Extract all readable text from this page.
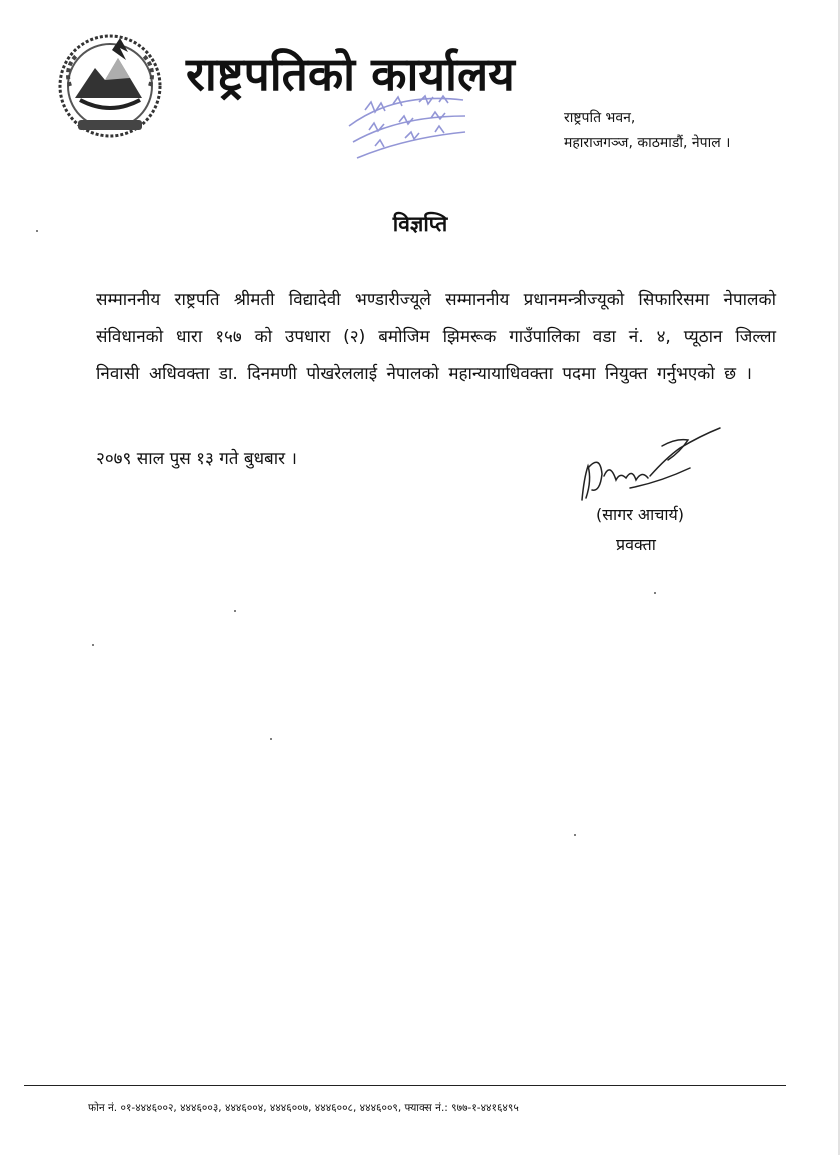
राष्ट्रपतिको कार्यालय
राष्ट्रपति भवन,
महाराजगञ्ज, काठमाडौं, नेपाल ।
विज्ञप्ति
सम्माननीय राष्ट्रपति श्रीमती विद्यादेवी भण्डारीज्यूले सम्माननीय प्रधानमन्त्रीज्यूको सिफारिसमा नेपालको संविधानको धारा १५७ को उपधारा (२) बमोजिम झिमरूक गाउँपालिका वडा नं. ४, प्यूठान जिल्ला निवासी अधिवक्ता डा. दिनमणी पोखरेललाई नेपालको महान्यायाधिवक्ता पदमा नियुक्त गर्नुभएको छ ।
२०७९ साल पुस १३ गते बुधबार ।
(सागर आचार्य)
प्रवक्ता
फोन नं. ०१-४४४६००२, ४४४६००३, ४४४६००४, ४४४६००७, ४४४६००८, ४४४६००९, फ्याक्स नं.: ९७७-१-४४१६४९५
